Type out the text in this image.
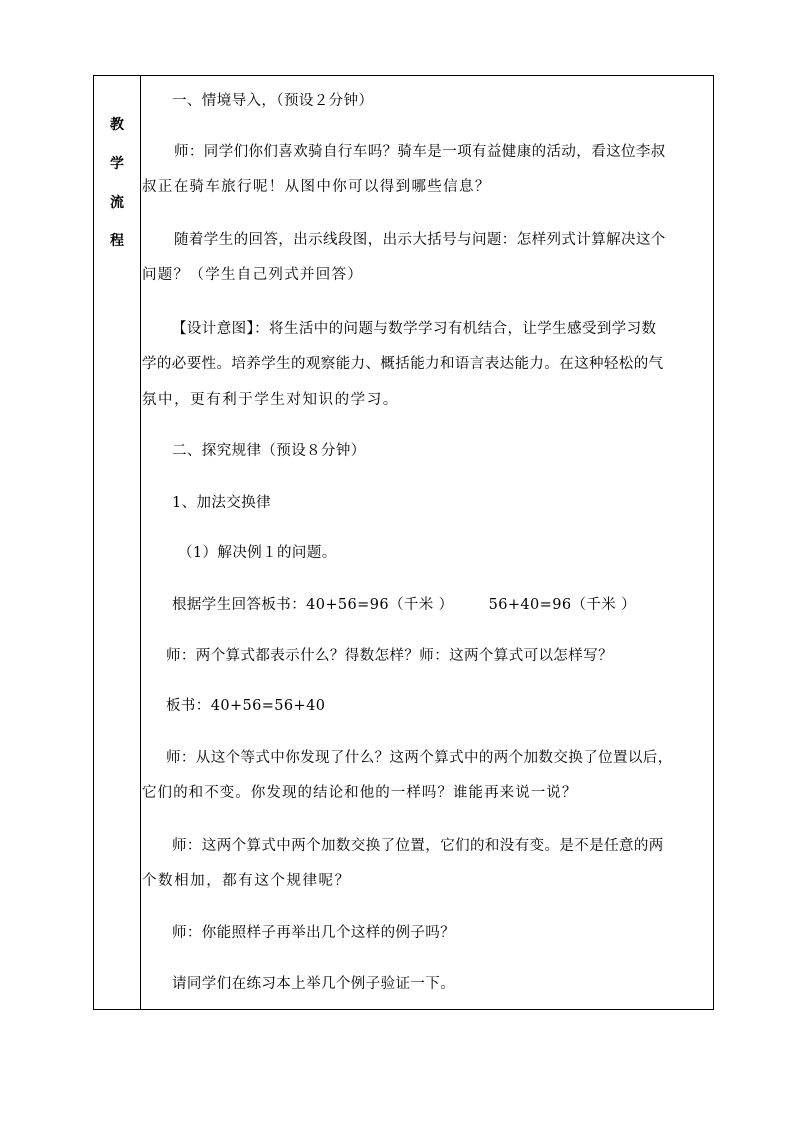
教
学
流
程
一、情境导入，（预设２分钟）
师：同学们你们喜欢骑自行车吗？骑车是一项有益健康的活动，看这位李叔
叔正在骑车旅行呢！从图中你可以得到哪些信息？
随着学生的回答，出示线段图，出示大括号与问题：怎样列式计算解决这个
问题？（学生自己列式并回答）
【设计意图】：将生活中的问题与数学学习有机结合，让学生感受到学习数
学的必要性。培养学生的观察能力、概括能力和语言表达能力。在这种轻松的气
氛中，更有利于学生对知识的学习。
二、探究规律（预设８分钟）
1、加法交换律
（1）解决例１的问题。
根据学生回答板书：40+56=96（千米 ）       56+40=96（千米 ）
师：两个算式都表示什么？得数怎样？师：这两个算式可以怎样写？
板书：40+56=56+40
师：从这个等式中你发现了什么？这两个算式中的两个加数交换了位置以后，
它们的和不变。你发现的结论和他的一样吗？谁能再来说一说？
师：这两个算式中两个加数交换了位置，它们的和没有变。是不是任意的两
个数相加，都有这个规律呢？
师：你能照样子再举出几个这样的例子吗？
请同学们在练习本上举几个例子验证一下。
